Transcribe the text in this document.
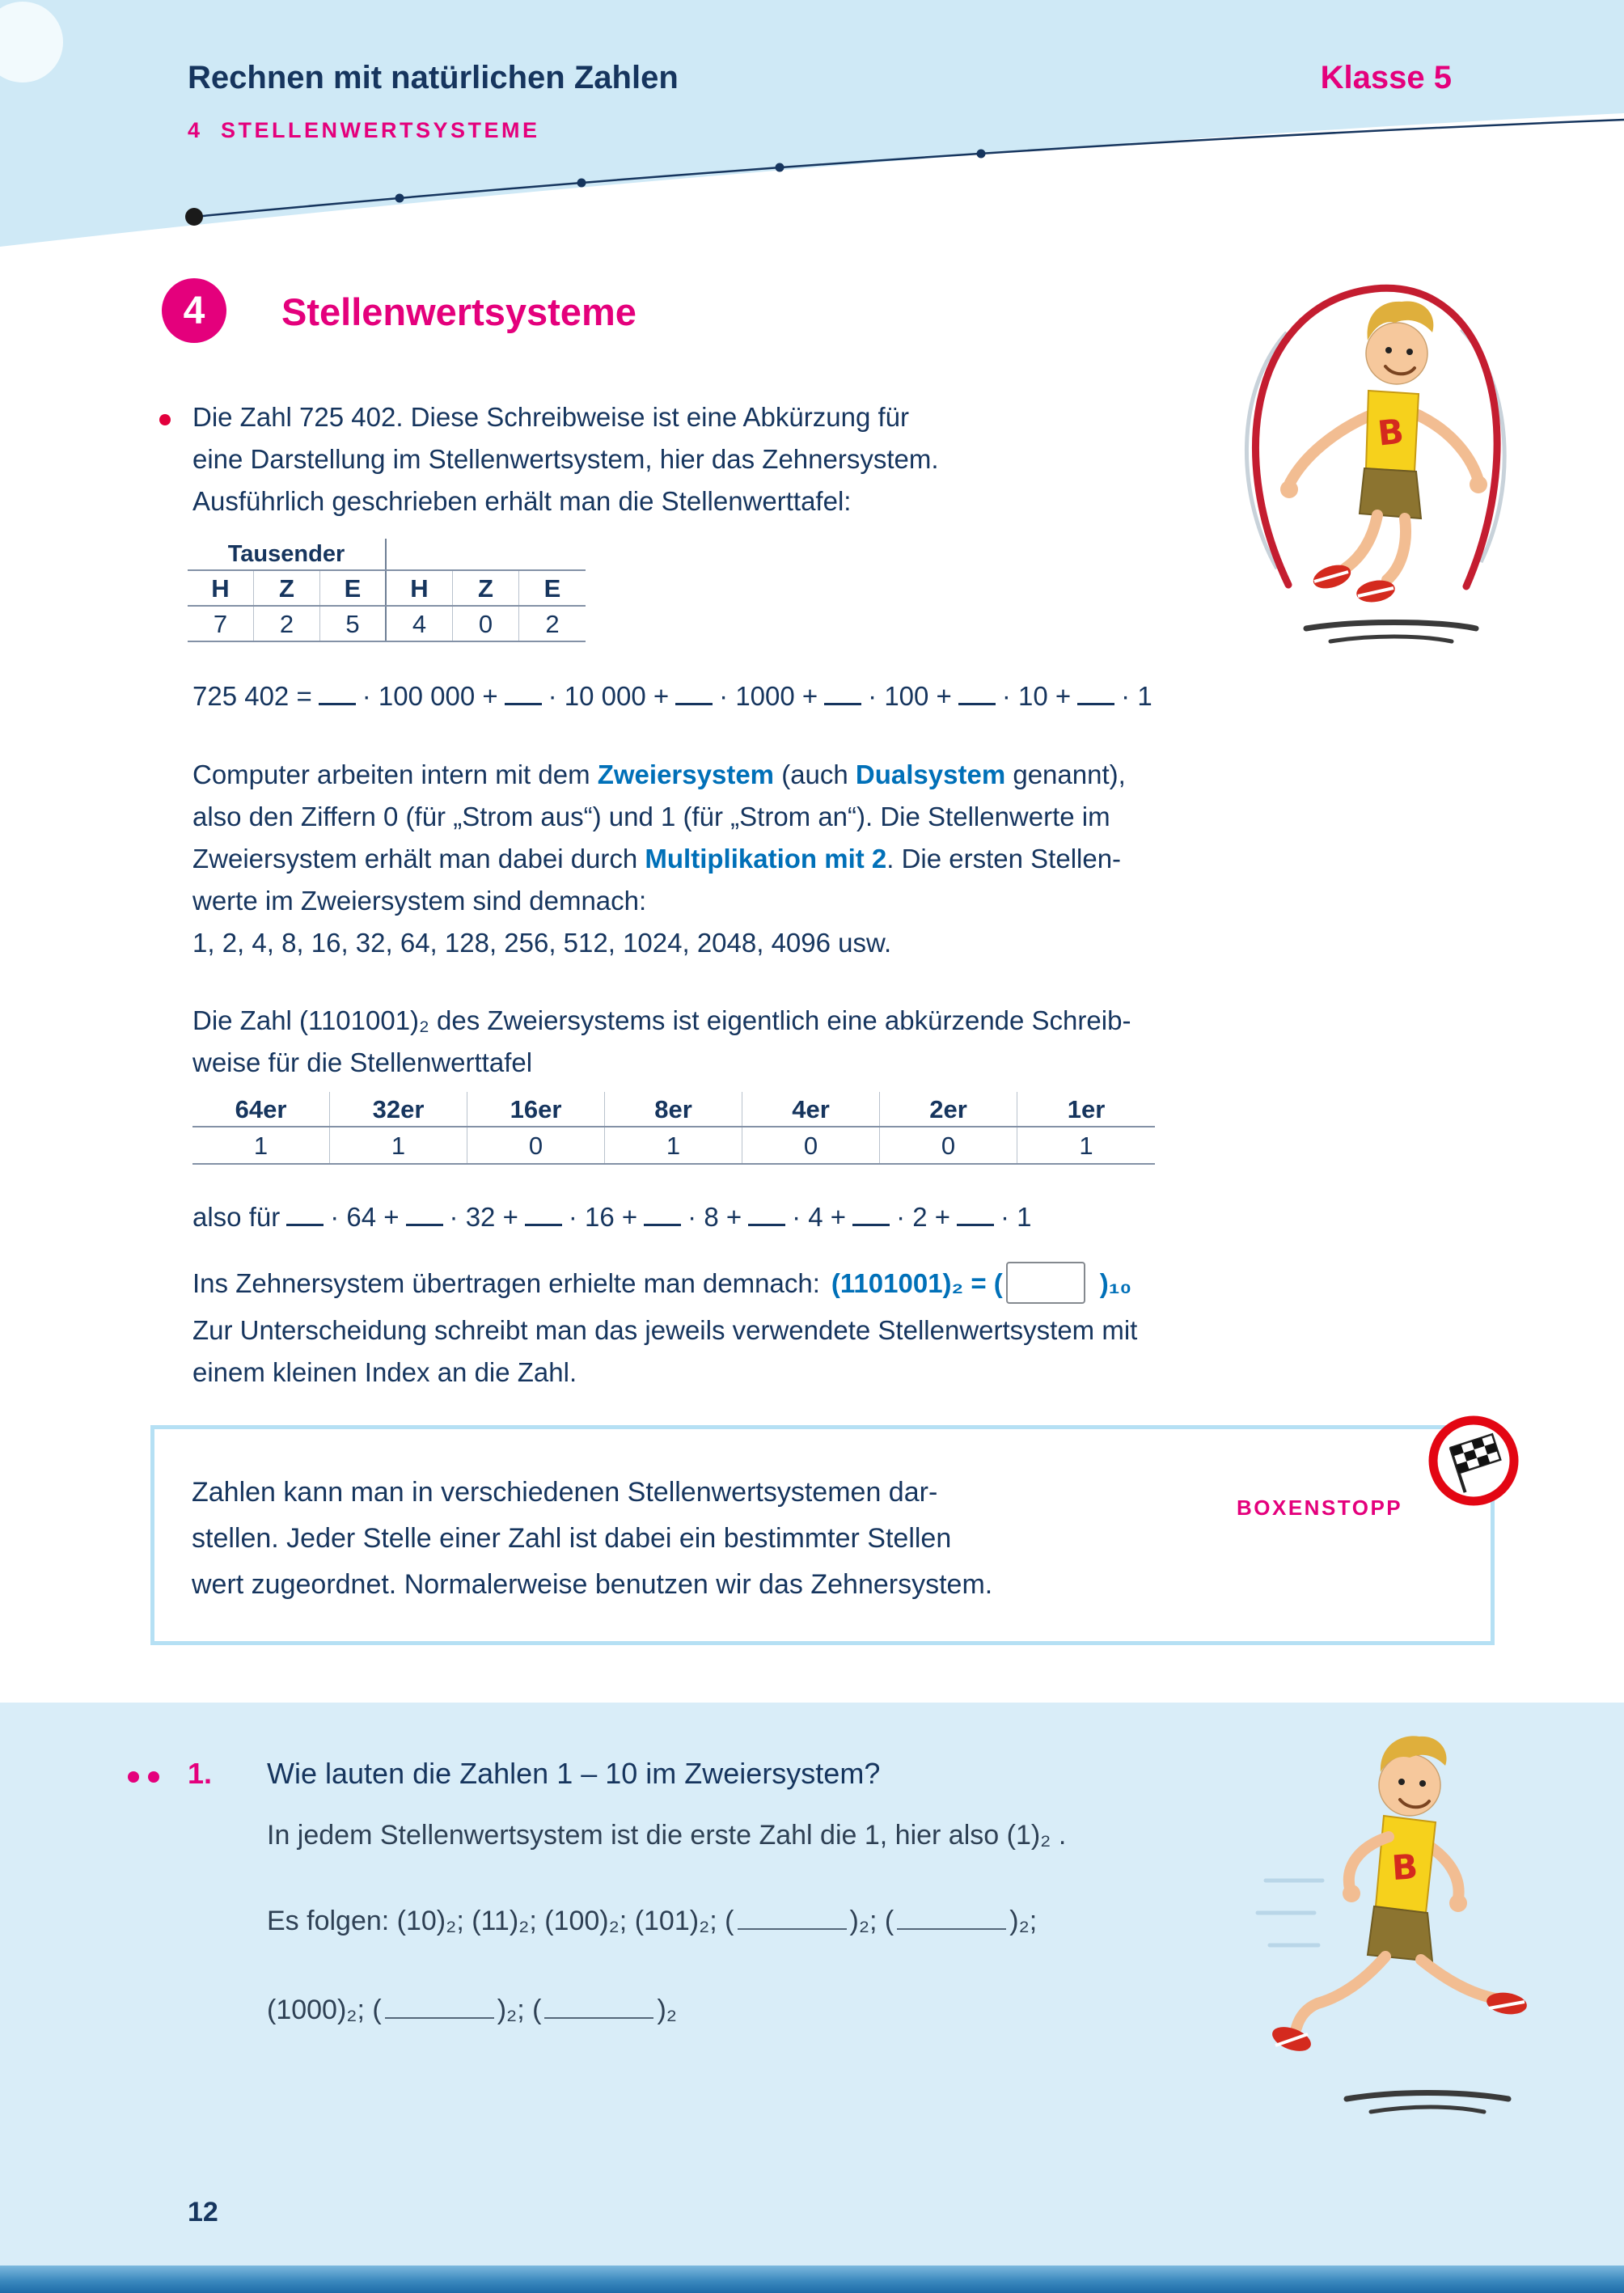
Rechnen mit natürlichen Zahlen	Klasse 5
4 STELLENWERTSYSTEME
4	Stellenwertsysteme
Die Zahl 725 402. Diese Schreibweise ist eine Abkürzung für
eine Darstellung im Stellenwertsystem, hier das Zehnersystem.
Ausführlich geschrieben erhält man die Stellenwerttafel:
Tausender
H	Z	E	H	Z	E
7	2	5	4	0	2
725 402 = · 100 000 + · 10 000 + · 1000 + · 100 + · 10 + · 1
Computer arbeiten intern mit dem Zweiersystem (auch Dualsystem genannt),
also den Ziffern 0 (für „Strom aus“) und 1 (für „Strom an“). Die Stellenwerte im
Zweiersystem erhält man dabei durch Multiplikation mit 2. Die ersten Stellen-
werte im Zweiersystem sind demnach:
1, 2, 4, 8, 16, 32, 64, 128, 256, 512, 1024, 2048, 4096 usw.
Die Zahl (1101001)₂ des Zweiersystems ist eigentlich eine abkürzende Schreib-
weise für die Stellenwerttafel
64er	32er	16er	8er	4er	2er	1er
1	1	0	1	0	0	1
also für · 64 + · 32 + · 16 + · 8 + · 4 + · 2 + · 1
Ins Zehnersystem übertragen erhielte man demnach: (1101001)₂ = (	)₁₀
Zur Unterscheidung schreibt man das jeweils verwendete Stellenwertsystem mit
einem kleinen Index an die Zahl.
Zahlen kann man in verschiedenen Stellenwertsystemen dar-
stellen. Jeder Stelle einer Zahl ist dabei ein bestimmter Stellen
wert zugeordnet. Normalerweise benutzen wir das Zehnersystem.
BOXENSTOPP
B
1. Wie lauten die Zahlen 1 – 10 im Zweiersystem?
In jedem Stellenwertsystem ist die erste Zahl die 1, hier also (1)₂ .
Es folgen: (10)₂; (11)₂; (100)₂; (101)₂; (	)₂; (	)₂;
(1000)₂; (	)₂; (	)₂
B
12
